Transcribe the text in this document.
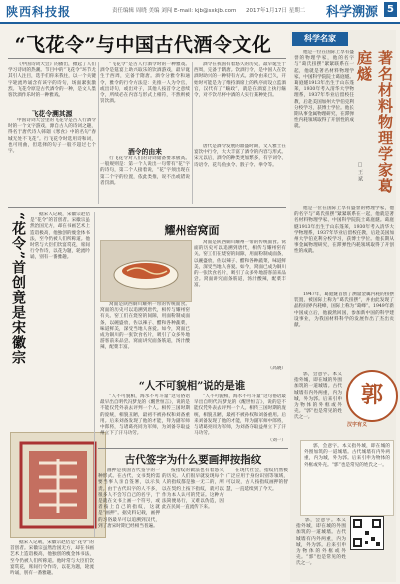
陕西科技报	责任编辑 周晓 美编 刘闯 E-mail: kjb@sxkjb.com 2017年1月17日 星期二 科学溯源 5
“飞花令”与中国古代酒令文化

《中国诗词大会》的播出，掀起了人们学习诗词的热潮。节目中的“飞花令”环节尤其引人注目，选手们你来我往，以一个关键字轮流吟诵含有该字的诗句，场面紧张激烈。飞花令原是古代酒令的一种，是文人墨客饮酒作乐时的一种雅戏。

飞花令溯其源

中国诗词大会里的飞花令是古人行酒令时的一个文字游戏，源自古人的诗词之趣，得名于唐代诗人韩翃《寒食》中的名句“春城无处不飞花”。行飞花令时选用诗和词，也可用曲，但选择的句子一般不超过七个字。

“飞花令”是古人行酒令时的一种雅戏。酒令是筵宴上助兴取乐的饮酒游戏，最早诞生于西周，完备于隋唐。酒令分雅令和通令，雅令的行令方法是：先推一人为令官，或出诗句，或出对子，其他人按首令之意续令，所续必在内容与形式上相符，不然则被罚饮酒。

酒令的由来

行飞花令对人们的诗词储备要求极高。一般规则是：第一个人说出一句带有“花”字的诗句，第二个人接着说，“花”字须出现在第二个字的位置，依此类推，说不出或错说者罚酒。

酒令在我国有着悠久的历史，最早诞生于西周，完备于隋唐。饮酒行令，是中国人在饮酒时助兴的一种特有方式。酒令由来已久，开始时可能是为了维持酒席上的秩序而设立监酒官，汉代有了“觞政”，就是在酒宴上执行觞令，对不饮尽杯中酒的人实行某种处罚。

唐代是酒令发展的鼎盛时期，文人雅士在宴饮中行令，大大丰富了酒令的内容与形式。宋元以后，酒令的种类更加繁多，有字词令、诗语令、花鸟鱼虫令、骰子令、拳令等。

“花令”首创竟是宋徽宗	据宋人记载，宋徽宗赵佶是“花令”的首创者。宋徽宗虽然治国无方，却在书画艺术上造诣极高，他独创的瘦金体书法，至今仍被人们所称道。他时常与大臣们饮宴赏花，席间行令作诗，以花为题，轮流吟诵，别有一番雅趣。

耀州窑窝面

窝面是陕西铜川耀州一带的传统面食。窝面的历史可以追溯到唐代，相传与耀州窑有关。窑工们在烧窑的间隙，用面粉制成面条，以碗盛放，佐以辣子、醋和各种蔬菜，味道鲜美，深受当地人喜爱。如今，窝面已成为铜川的一张饮食名片，吸引了众多外地游客前来品尝。窝面讲究面条筋道，汤汁酸辣，配菜丰富。

窝面是陕西铜川耀州一带的传统面食。窝面的历史可以追溯到唐代，相传与耀州窑有关。窑工们在烧窑的间隙，用面粉制成面条，以碗盛放，佐以辣子、醋和各种蔬菜，味道鲜美，深受当地人喜爱。如今，窝面已成为铜川的一张饮食名片，吸引了众多外地游客前来品尝。窝面讲究面条筋道，汤汁酸辣，配菜丰富。

（高晓）
“人不可貌相”说的是谁

“人不可貌相，海水不可斗量”这句俗语最早出自明代冯梦龙的《醒世恒言》，说的是不能仅凭外表去评判一个人。相传三国时期的庞统，相貌丑陋，最初不被孙权和刘备重用。后来刘备发现了他的才能，拜为副军师中郎将，与诸葛亮同为军师，为刘备夺取益州立下了汗马功劳。

“人不可貌相，海水不可斗量”这句俗语最早出自明代冯梦龙的《醒世恒言》，说的是不能仅凭外表去评判一个人。相传三国时期的庞统，相貌丑陋，最初不被孙权和刘备重用。后来刘备发现了他的才能，拜为副军师中郎将，与诸葛亮同为军师，为刘备夺取益州立下了汗马功劳。

（刘一）
古代签字为什么要画押按指纹

画押是我国古代签字的一种形式。在古代，文书契约需要当事人亲自签署，以示负责。由于古代识字的人不多，很多人不会写自己的名字，于是就在文书上画一个符号，或者按上自己的指纹，这就是“画押”。据史料记载，画押的习俗最早可以追溯到汉代，到了唐宋时期已经相当普遍。

按指纹的做法也有着悠久的历史。人们很早就发现每个人的指纹都是独一无二的，所以在契约上按下指纹，就可以作为本人认可的凭证。这种方法简便易行，又难以伪造，因此在民间一直流传下来。

在现代社会，指纹仍然被广泛应用于身份识别等领域，可以说，古人按指纹画押的智慧，一直延续到了今天。

据宋人记载，宋徽宗赵佶是“花令”的首创者。宋徽宗虽然治国无方，却在书画艺术上造诣极高，他独创的瘦金体书法，至今仍被人们所称道。他时常与大臣们饮宴赏花，席间行令作诗，以花为题，轮流吟诵，别有一番雅趣。

科学名家
著名材料物理学家葛庭燧
□ 王 斌

他是一位在国际上享有盛誉的物理学家，他的名字与“葛氏扭摆”紧紧联系在一起，他就是著名材料物理学家、中国科学院院士葛庭燧。葛庭燧1913年出生于山东蓬莱，1930年考入清华大学物理系，1937年毕业后留校任教，后赴美国加州大学伯克利分校学习，获博士学位。他长期从事金属物理研究，在滞弹性内耗领域取得了开创性的成就。

他是一位在国际上享有盛誉的物理学家，他的名字与“葛氏扭摆”紧紧联系在一起，他就是著名材料物理学家、中国科学院院士葛庭燧。葛庭燧1913年出生于山东蓬莱，1930年考入清华大学物理系，1937年毕业后留校任教，后赴美国加州大学伯克利分校学习，获博士学位。他长期从事金属物理研究，在滞弹性内耗领域取得了开创性的成就。

1947年，葛庭燧首创了测量金属内耗的扭摆装置，被国际上称为“葛氏扭摆”，并由此发现了晶粒间界内耗峰，国际上称为“葛峰”。1949年新中国成立后，他毅然回国，参加新中国的科学建设事业，为我国材料科学的发展作出了杰出贡献。

郭，会意字。本义指外城，即在城的外围加筑的一道城墙。古代城墙有内外两重，内为城，外为郭。后来引申为物体的外框或外壳。“郭”也是常见的姓氏之一。

郭
汉字有义

郭，会意字。本义指外城，即在城的外围加筑的一道城墙。古代城墙有内外两重，内为城，外为郭。后来引申为物体的外框或外壳。“郭”也是常见的姓氏之一。

郭，会意字。本义指外城，即在城的外围加筑的一道城墙。古代城墙有内外两重，内为城，外为郭。后来引申为物体的外框或外壳。“郭”也是常见的姓氏之一。
